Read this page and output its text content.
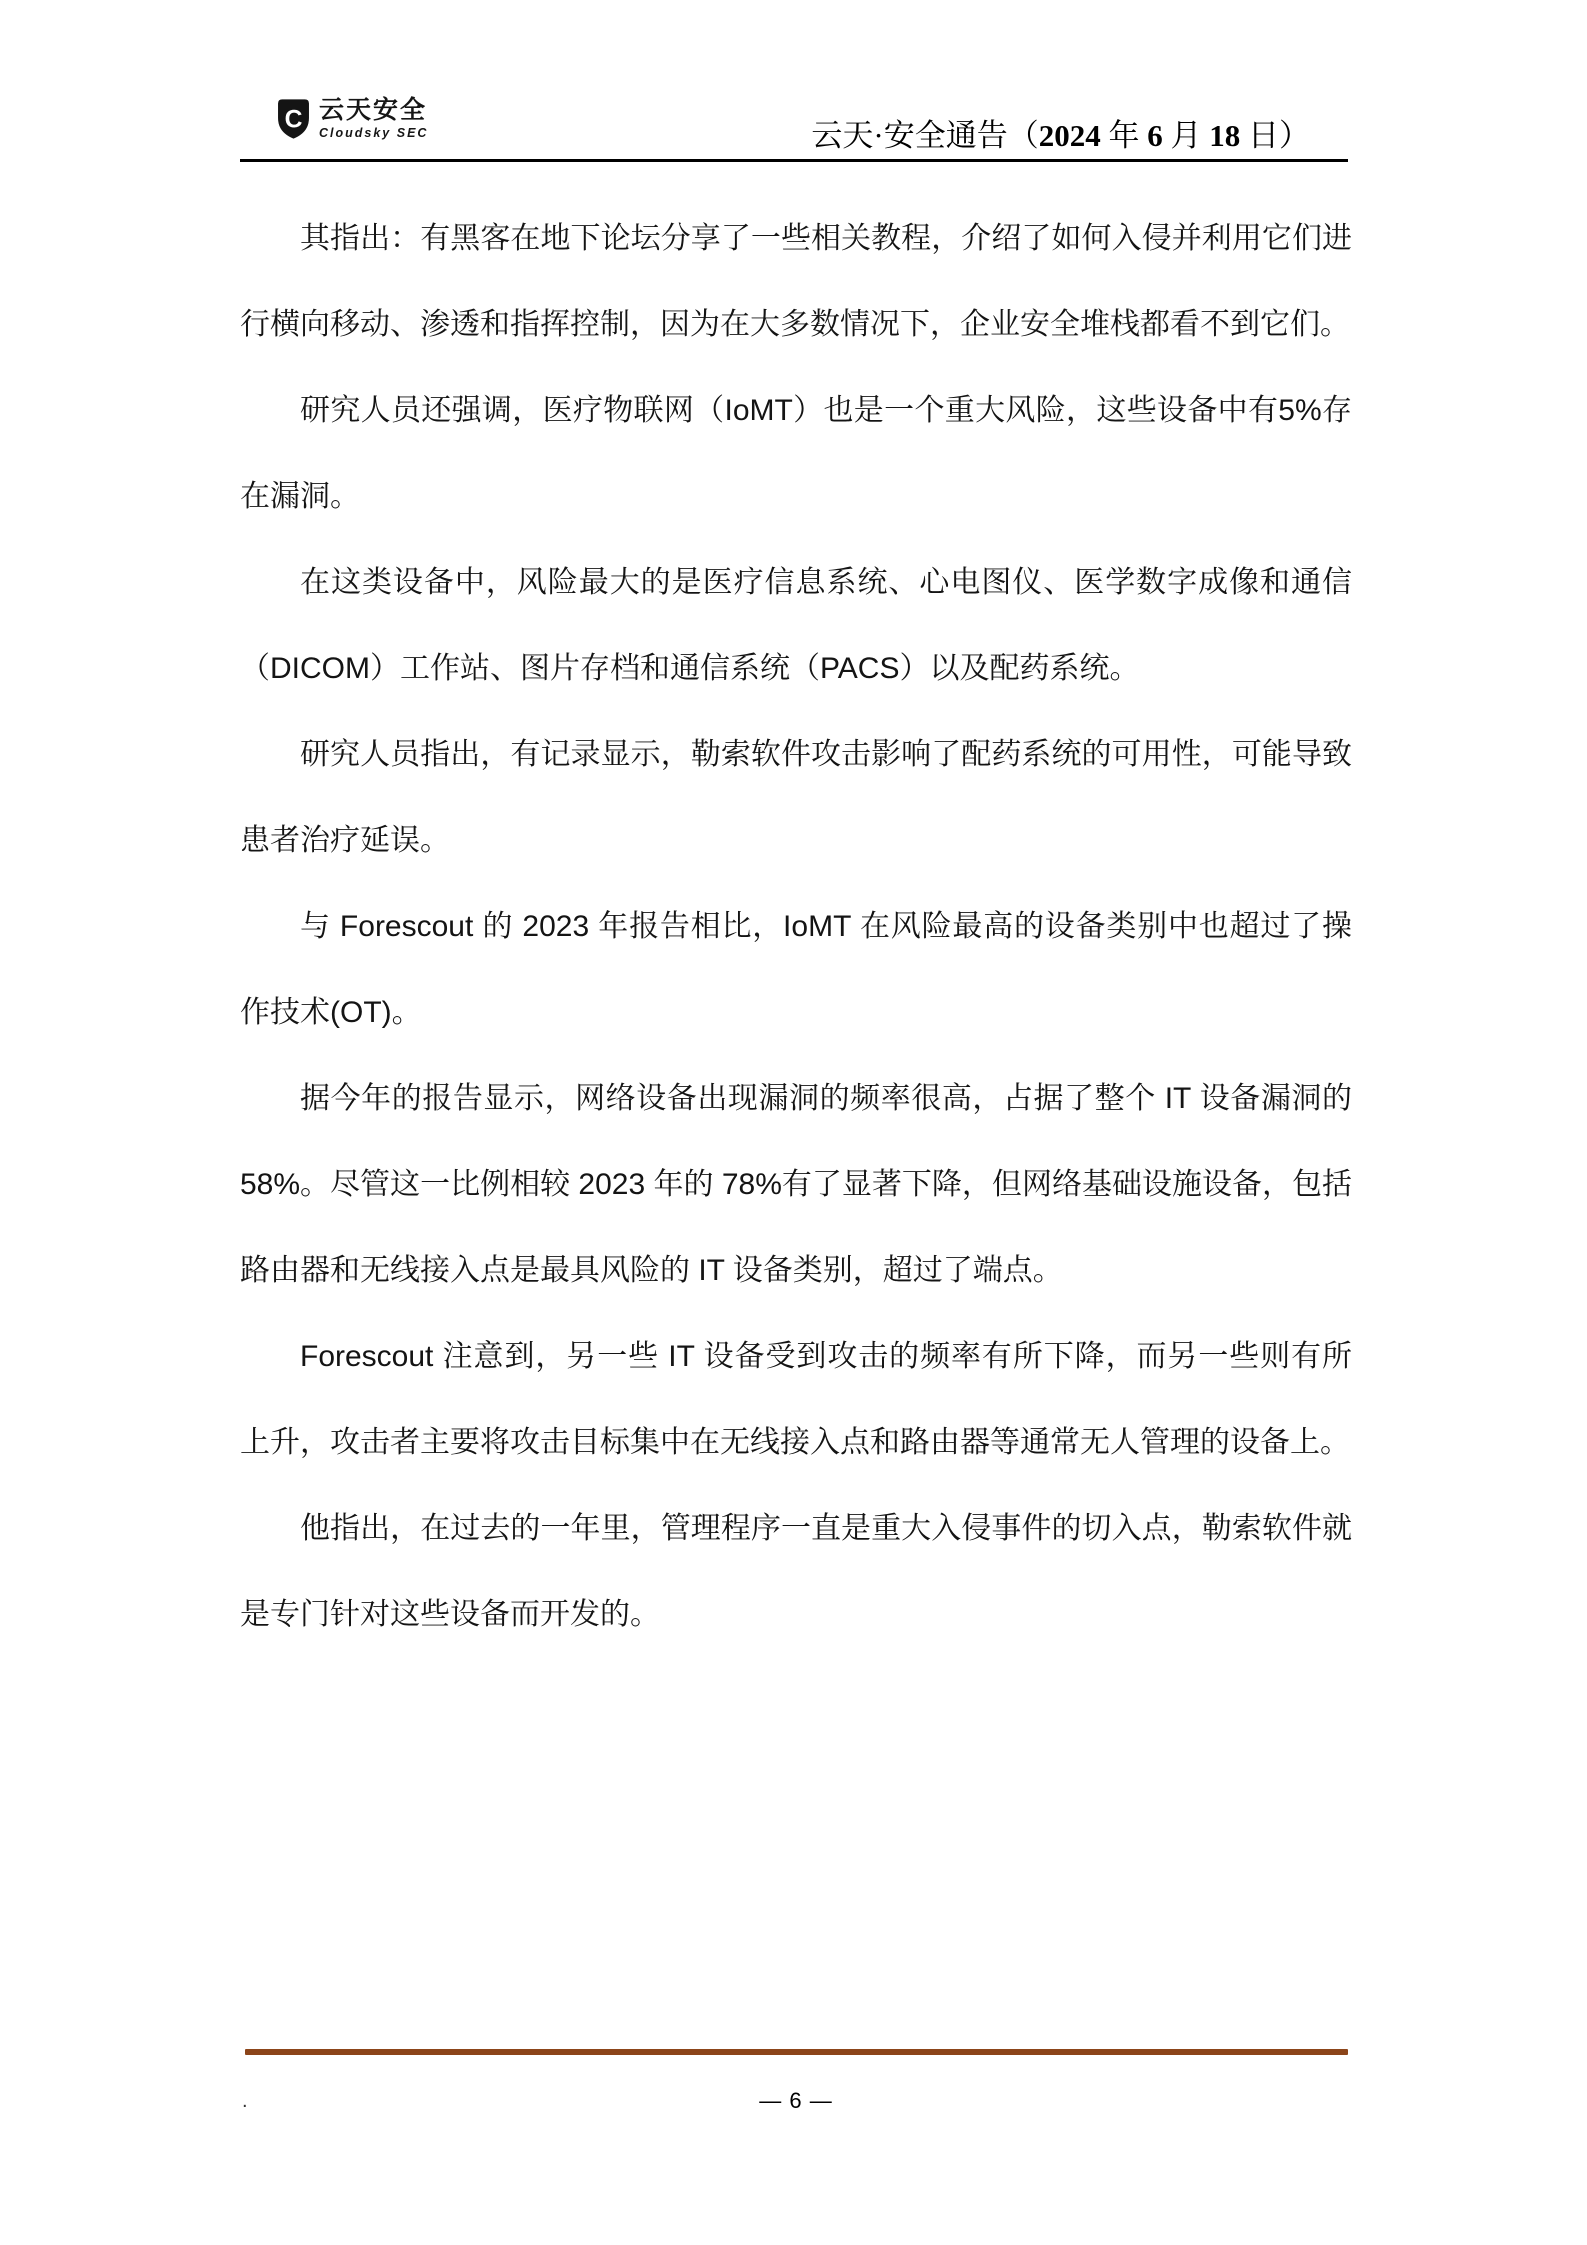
C 云天安全
Cloudsky SEC	云天·安全通告（2024 年 6 月 18 日）

其指出：有黑客在地下论坛分享了一些相关教程，介绍了如何入侵并利用它们进行横向移动、渗透和指挥控制，因为在大多数情况下，企业安全堆栈都看不到它们。

研究人员还强调，医疗物联网（IoMT）也是一个重大风险，这些设备中有5%存在漏洞。

在这类设备中，风险最大的是医疗信息系统、心电图仪、医学数字成像和通信（DICOM）工作站、图片存档和通信系统（PACS）以及配药系统。

研究人员指出，有记录显示，勒索软件攻击影响了配药系统的可用性，可能导致患者治疗延误。

与 Forescout 的 2023 年报告相比，IoMT 在风险最高的设备类别中也超过了操作技术(OT)。

据今年的报告显示，网络设备出现漏洞的频率很高，占据了整个 IT 设备漏洞的 58%。尽管这一比例相较 2023 年的 78%有了显著下降，但网络基础设施设备，包括路由器和无线接入点是最具风险的 IT 设备类别，超过了端点。

Forescout 注意到，另一些 IT 设备受到攻击的频率有所下降，而另一些则有所上升，攻击者主要将攻击目标集中在无线接入点和路由器等通常无人管理的设备上。

他指出，在过去的一年里，管理程序一直是重大入侵事件的切入点，勒索软件就是专门针对这些设备而开发的。

.	— 6 —
